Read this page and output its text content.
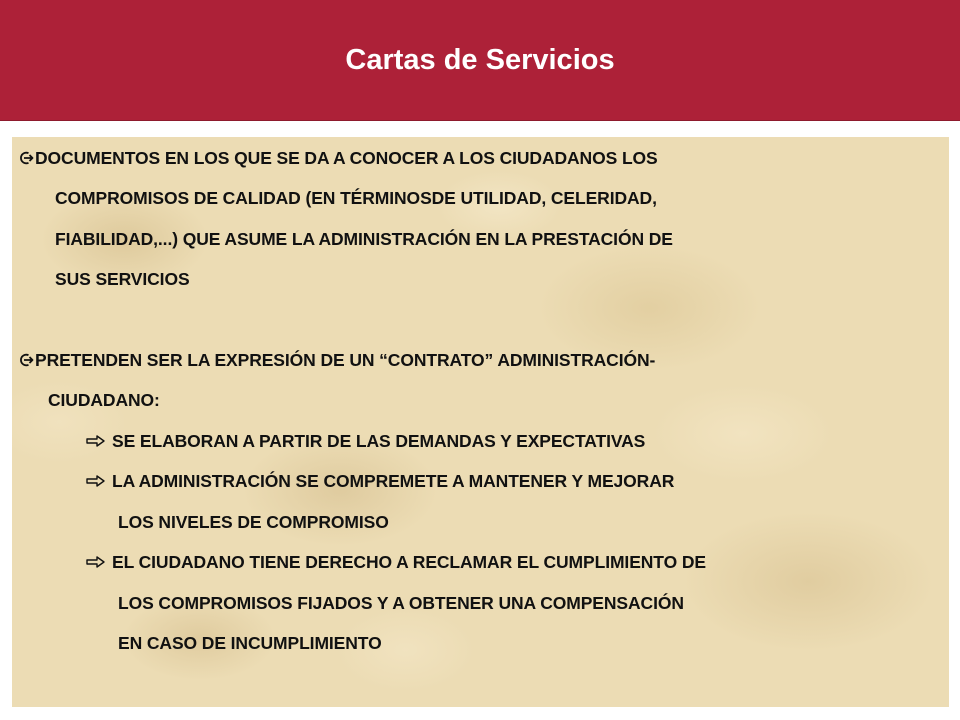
Cartas de Servicios
DOCUMENTOS EN LOS QUE SE DA A CONOCER A LOS CIUDADANOS LOS
COMPROMISOS DE CALIDAD (EN TÉRMINOSDE UTILIDAD, CELERIDAD,
FIABILIDAD,...) QUE ASUME LA ADMINISTRACIÓN EN LA PRESTACIÓN DE
SUS SERVICIOS
PRETENDEN SER LA EXPRESIÓN DE UN “CONTRATO” ADMINISTRACIÓN-
CIUDADANO:
SE ELABORAN A PARTIR DE LAS DEMANDAS Y EXPECTATIVAS
LA ADMINISTRACIÓN SE COMPREMETE A MANTENER Y MEJORAR
LOS NIVELES DE COMPROMISO
EL CIUDADANO TIENE DERECHO A RECLAMAR EL CUMPLIMIENTO DE
LOS COMPROMISOS FIJADOS Y A OBTENER UNA COMPENSACIÓN
EN CASO DE INCUMPLIMIENTO
